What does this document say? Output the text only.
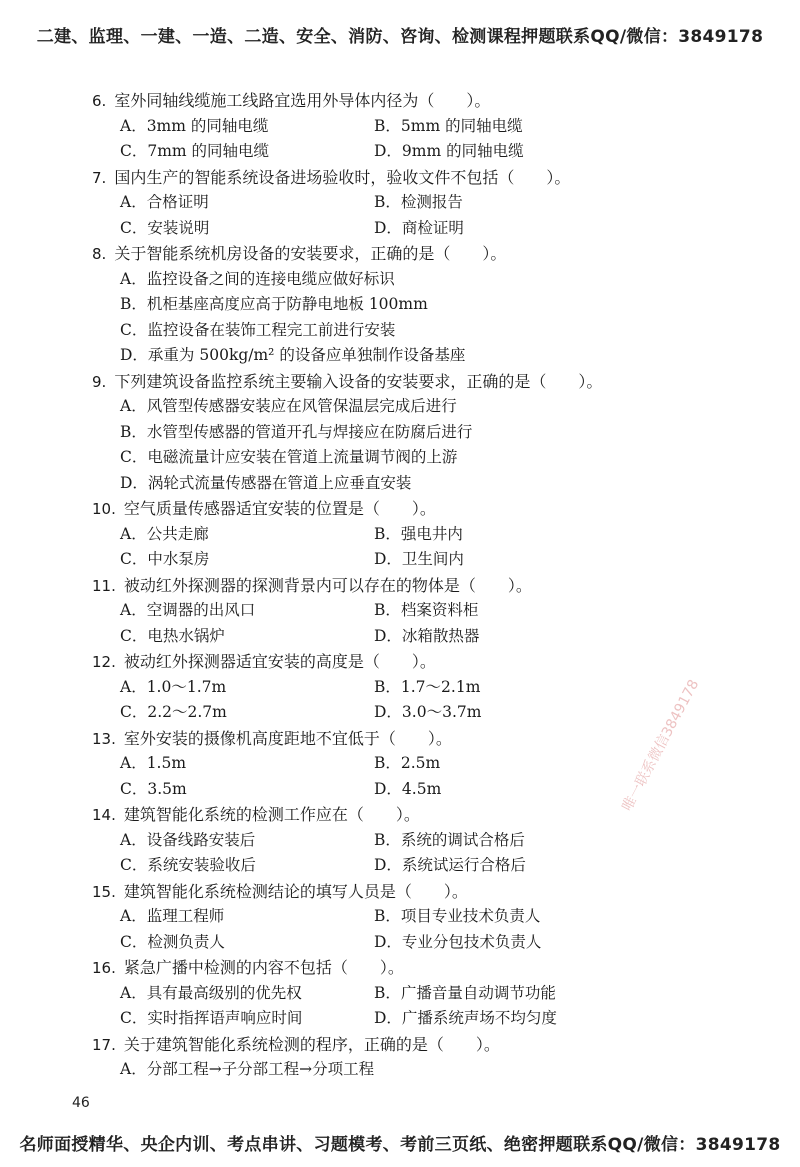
二建、监理、一建、一造、二造、安全、消防、咨询、检测课程押题联系QQ/微信：3849178
唯一联系微信3849178
6. 室外同轴线缆施工线路宜选用外导体内径为（　　）。
A．3mm 的同轴电缆	B．5mm 的同轴电缆
C．7mm 的同轴电缆	D．9mm 的同轴电缆
7. 国内生产的智能系统设备进场验收时，验收文件不包括（　　）。
A．合格证明	B．检测报告
C．安装说明	D．商检证明
8. 关于智能系统机房设备的安装要求，正确的是（　　）。
A．监控设备之间的连接电缆应做好标识
B．机柜基座高度应高于防静电地板 100mm
C．监控设备在装饰工程完工前进行安装
D．承重为 500kg/m² 的设备应单独制作设备基座
9. 下列建筑设备监控系统主要输入设备的安装要求，正确的是（　　）。
A．风管型传感器安装应在风管保温层完成后进行
B．水管型传感器的管道开孔与焊接应在防腐后进行
C．电磁流量计应安装在管道上流量调节阀的上游
D．涡轮式流量传感器在管道上应垂直安装
10. 空气质量传感器适宜安装的位置是（　　）。
A．公共走廊	B．强电井内
C．中水泵房	D．卫生间内
11. 被动红外探测器的探测背景内可以存在的物体是（　　）。
A．空调器的出风口	B．档案资料柜
C．电热水锅炉	D．冰箱散热器
12. 被动红外探测器适宜安装的高度是（　　）。
A．1.0～1.7m	B．1.7～2.1m
C．2.2～2.7m	D．3.0～3.7m
13. 室外安装的摄像机高度距地不宜低于（　　）。
A．1.5m	B．2.5m
C．3.5m	D．4.5m
14. 建筑智能化系统的检测工作应在（　　）。
A．设备线路安装后	B．系统的调试合格后
C．系统安装验收后	D．系统试运行合格后
15. 建筑智能化系统检测结论的填写人员是（　　）。
A．监理工程师	B．项目专业技术负责人
C．检测负责人	D．专业分包技术负责人
16. 紧急广播中检测的内容不包括（　　）。
A．具有最高级别的优先权	B．广播音量自动调节功能
C．实时指挥语声响应时间	D．广播系统声场不均匀度
17. 关于建筑智能化系统检测的程序，正确的是（　　）。
A．分部工程→子分部工程→分项工程
46
名师面授精华、央企内训、考点串讲、习题模考、考前三页纸、绝密押题联系QQ/微信：3849178
